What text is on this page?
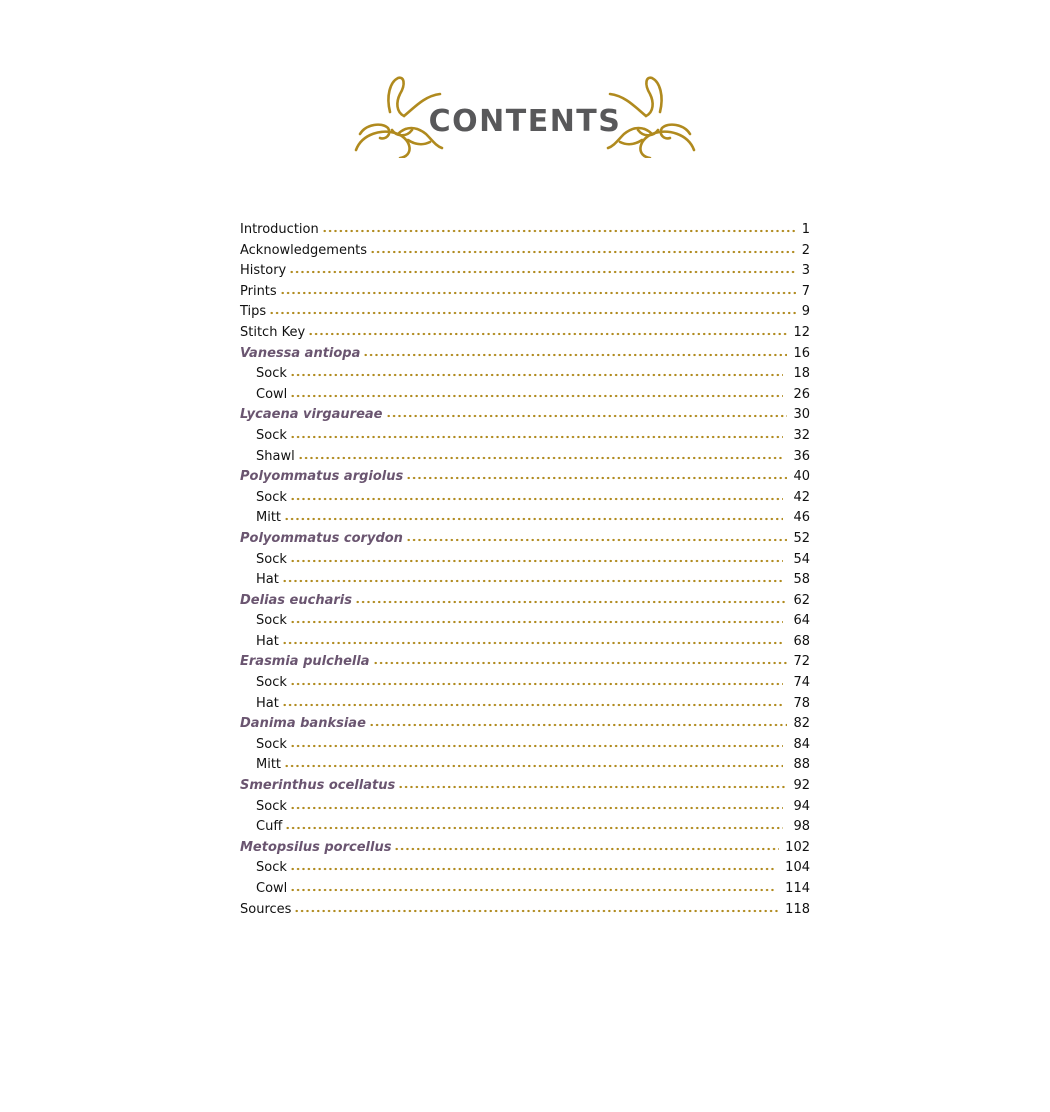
CONTENTS
Introduction	1
Acknowledgements	2
History	3
Prints	7
Tips	9
Stitch Key	12
Vanessa antiopa	16
Sock	18
Cowl	26
Lycaena virgaureae	30
Sock	32
Shawl	36
Polyommatus argiolus	40
Sock	42
Mitt	46
Polyommatus corydon	52
Sock	54
Hat	58
Delias eucharis	62
Sock	64
Hat	68
Erasmia pulchella	72
Sock	74
Hat	78
Danima banksiae	82
Sock	84
Mitt	88
Smerinthus ocellatus	92
Sock	94
Cuff	98
Metopsilus porcellus	102
Sock	104
Cowl	114
Sources	118
